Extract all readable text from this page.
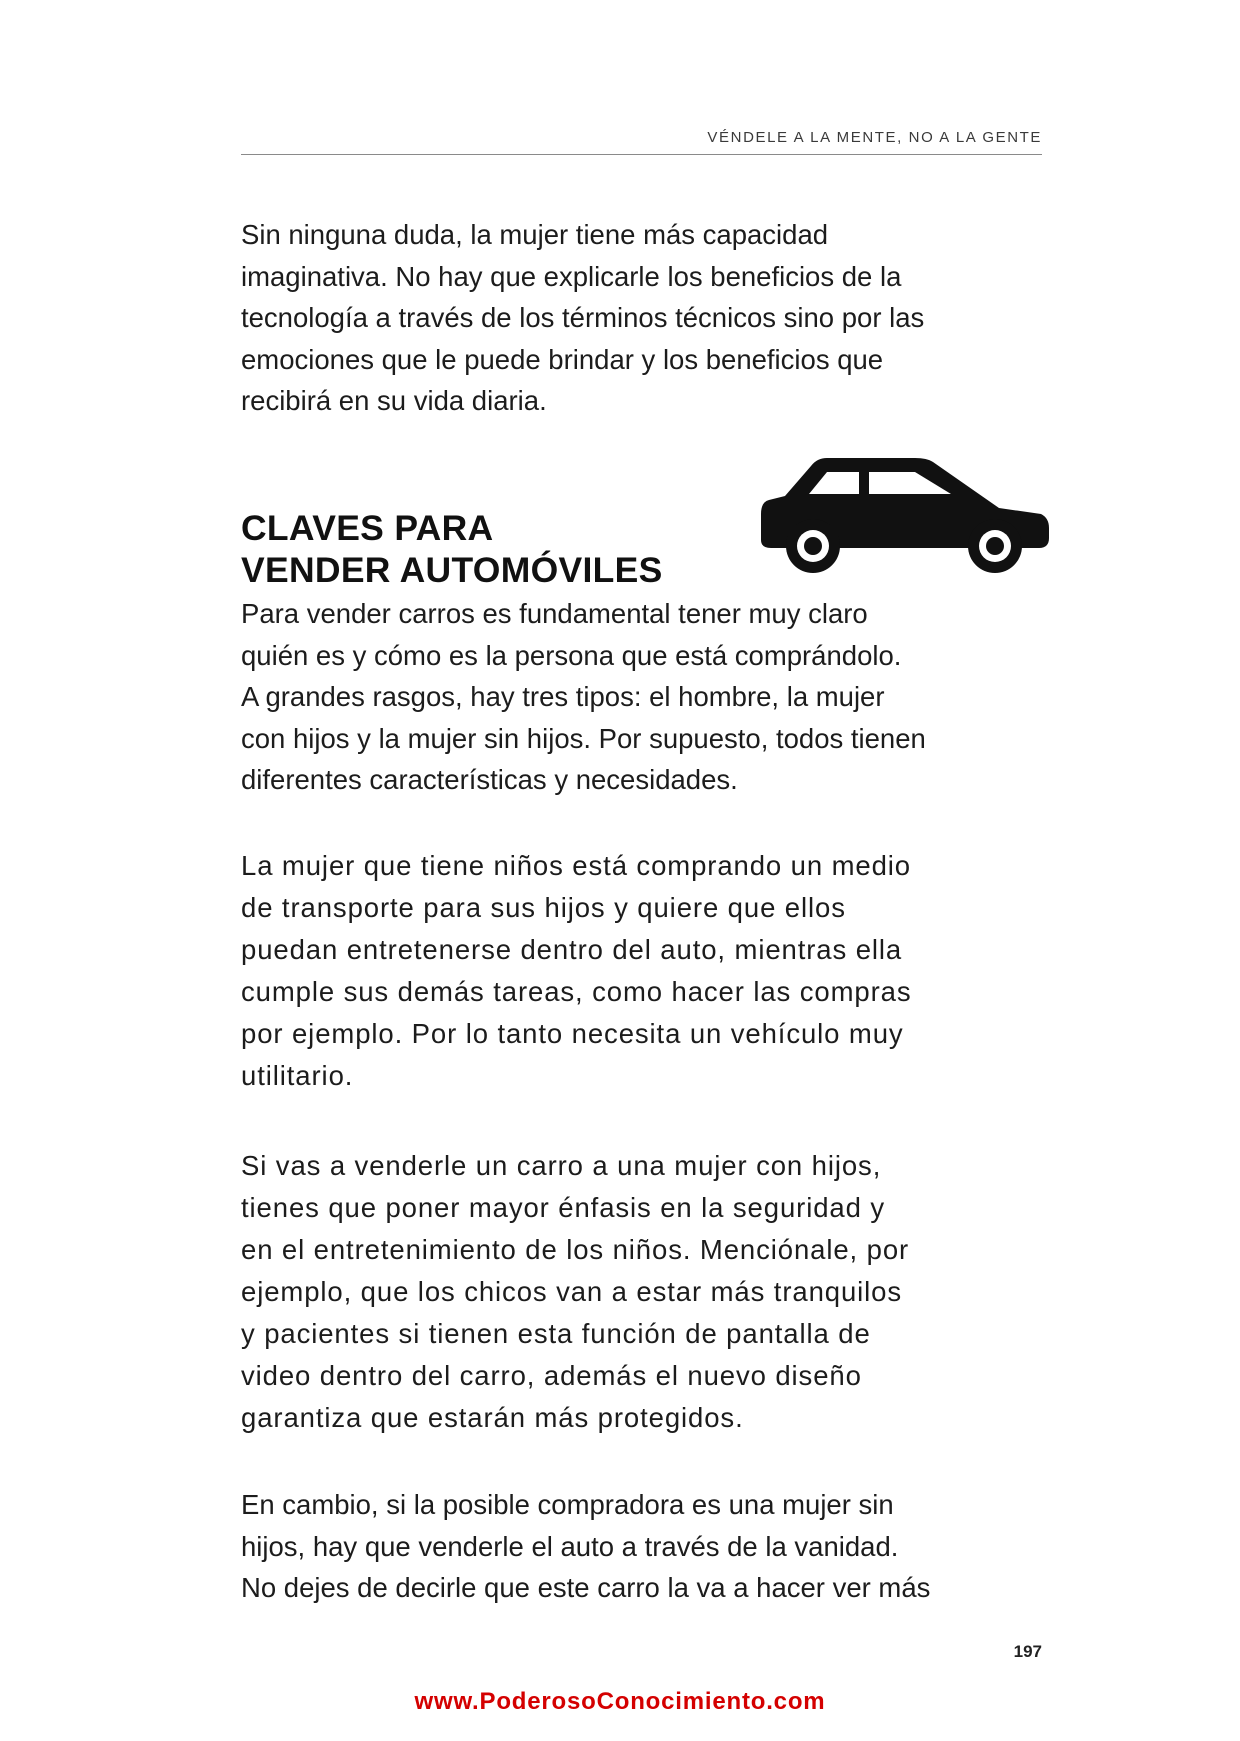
VÉNDELE A LA MENTE, NO A LA GENTE
Sin ninguna duda, la mujer tiene más capacidad
imaginativa. No hay que explicarle los beneficios de la
tecnología a través de los términos técnicos sino por las
emociones que le puede brindar y los beneficios que
recibirá en su vida diaria.
CLAVES PARA
VENDER AUTOMÓVILES
Para vender carros es fundamental tener muy claro
quién es y cómo es la persona que está comprándolo.
A grandes rasgos, hay tres tipos: el hombre, la mujer
con hijos y la mujer sin hijos. Por supuesto, todos tienen
diferentes características y necesidades.
La mujer que tiene niños está comprando un medio
de transporte para sus hijos y quiere que ellos
puedan entretenerse dentro del auto, mientras ella
cumple sus demás tareas, como hacer las compras
por ejemplo. Por lo tanto necesita un vehículo muy
utilitario.
Si vas a venderle un carro a una mujer con hijos,
tienes que poner mayor énfasis en la seguridad y
en el entretenimiento de los niños. Menciónale, por
ejemplo, que los chicos van a estar más tranquilos
y pacientes si tienen esta función de pantalla de
video dentro del carro, además el nuevo diseño
garantiza que estarán más protegidos.
En cambio, si la posible compradora es una mujer sin
hijos, hay que venderle el auto a través de la vanidad.
No dejes de decirle que este carro la va a hacer ver más
197
www.PoderosoConocimiento.com
